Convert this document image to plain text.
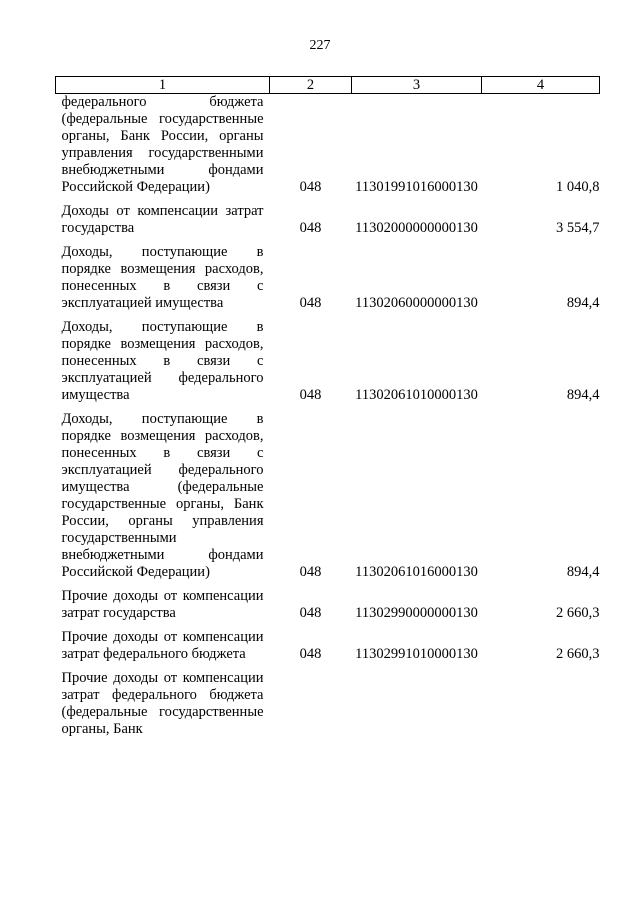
227
1	2	3	4
федерального бюджета (федеральные государственные органы, Банк России, органы управления государственными внебюджетными фондами Российской Федерации)	048	11301991016000130	1 040,8
Доходы от компенсации затрат государства	048	11302000000000130	3 554,7
Доходы, поступающие в порядке возмещения расходов, понесенных в связи с эксплуатацией имущества	048	11302060000000130	894,4
Доходы, поступающие в порядке возмещения расходов, понесенных в связи с эксплуатацией федерального имущества	048	11302061010000130	894,4
Доходы, поступающие в порядке возмещения расходов, понесенных в связи с эксплуатацией федерального имущества (федеральные государственные органы, Банк России, органы управления государственными внебюджетными фондами Российской Федерации)	048	11302061016000130	894,4
Прочие доходы от компенсации затрат государства	048	11302990000000130	2 660,3
Прочие доходы от компенсации затрат федерального бюджета	048	11302991010000130	2 660,3
Прочие доходы от компенсации затрат федерального бюджета (федеральные государственные органы, Банк			
